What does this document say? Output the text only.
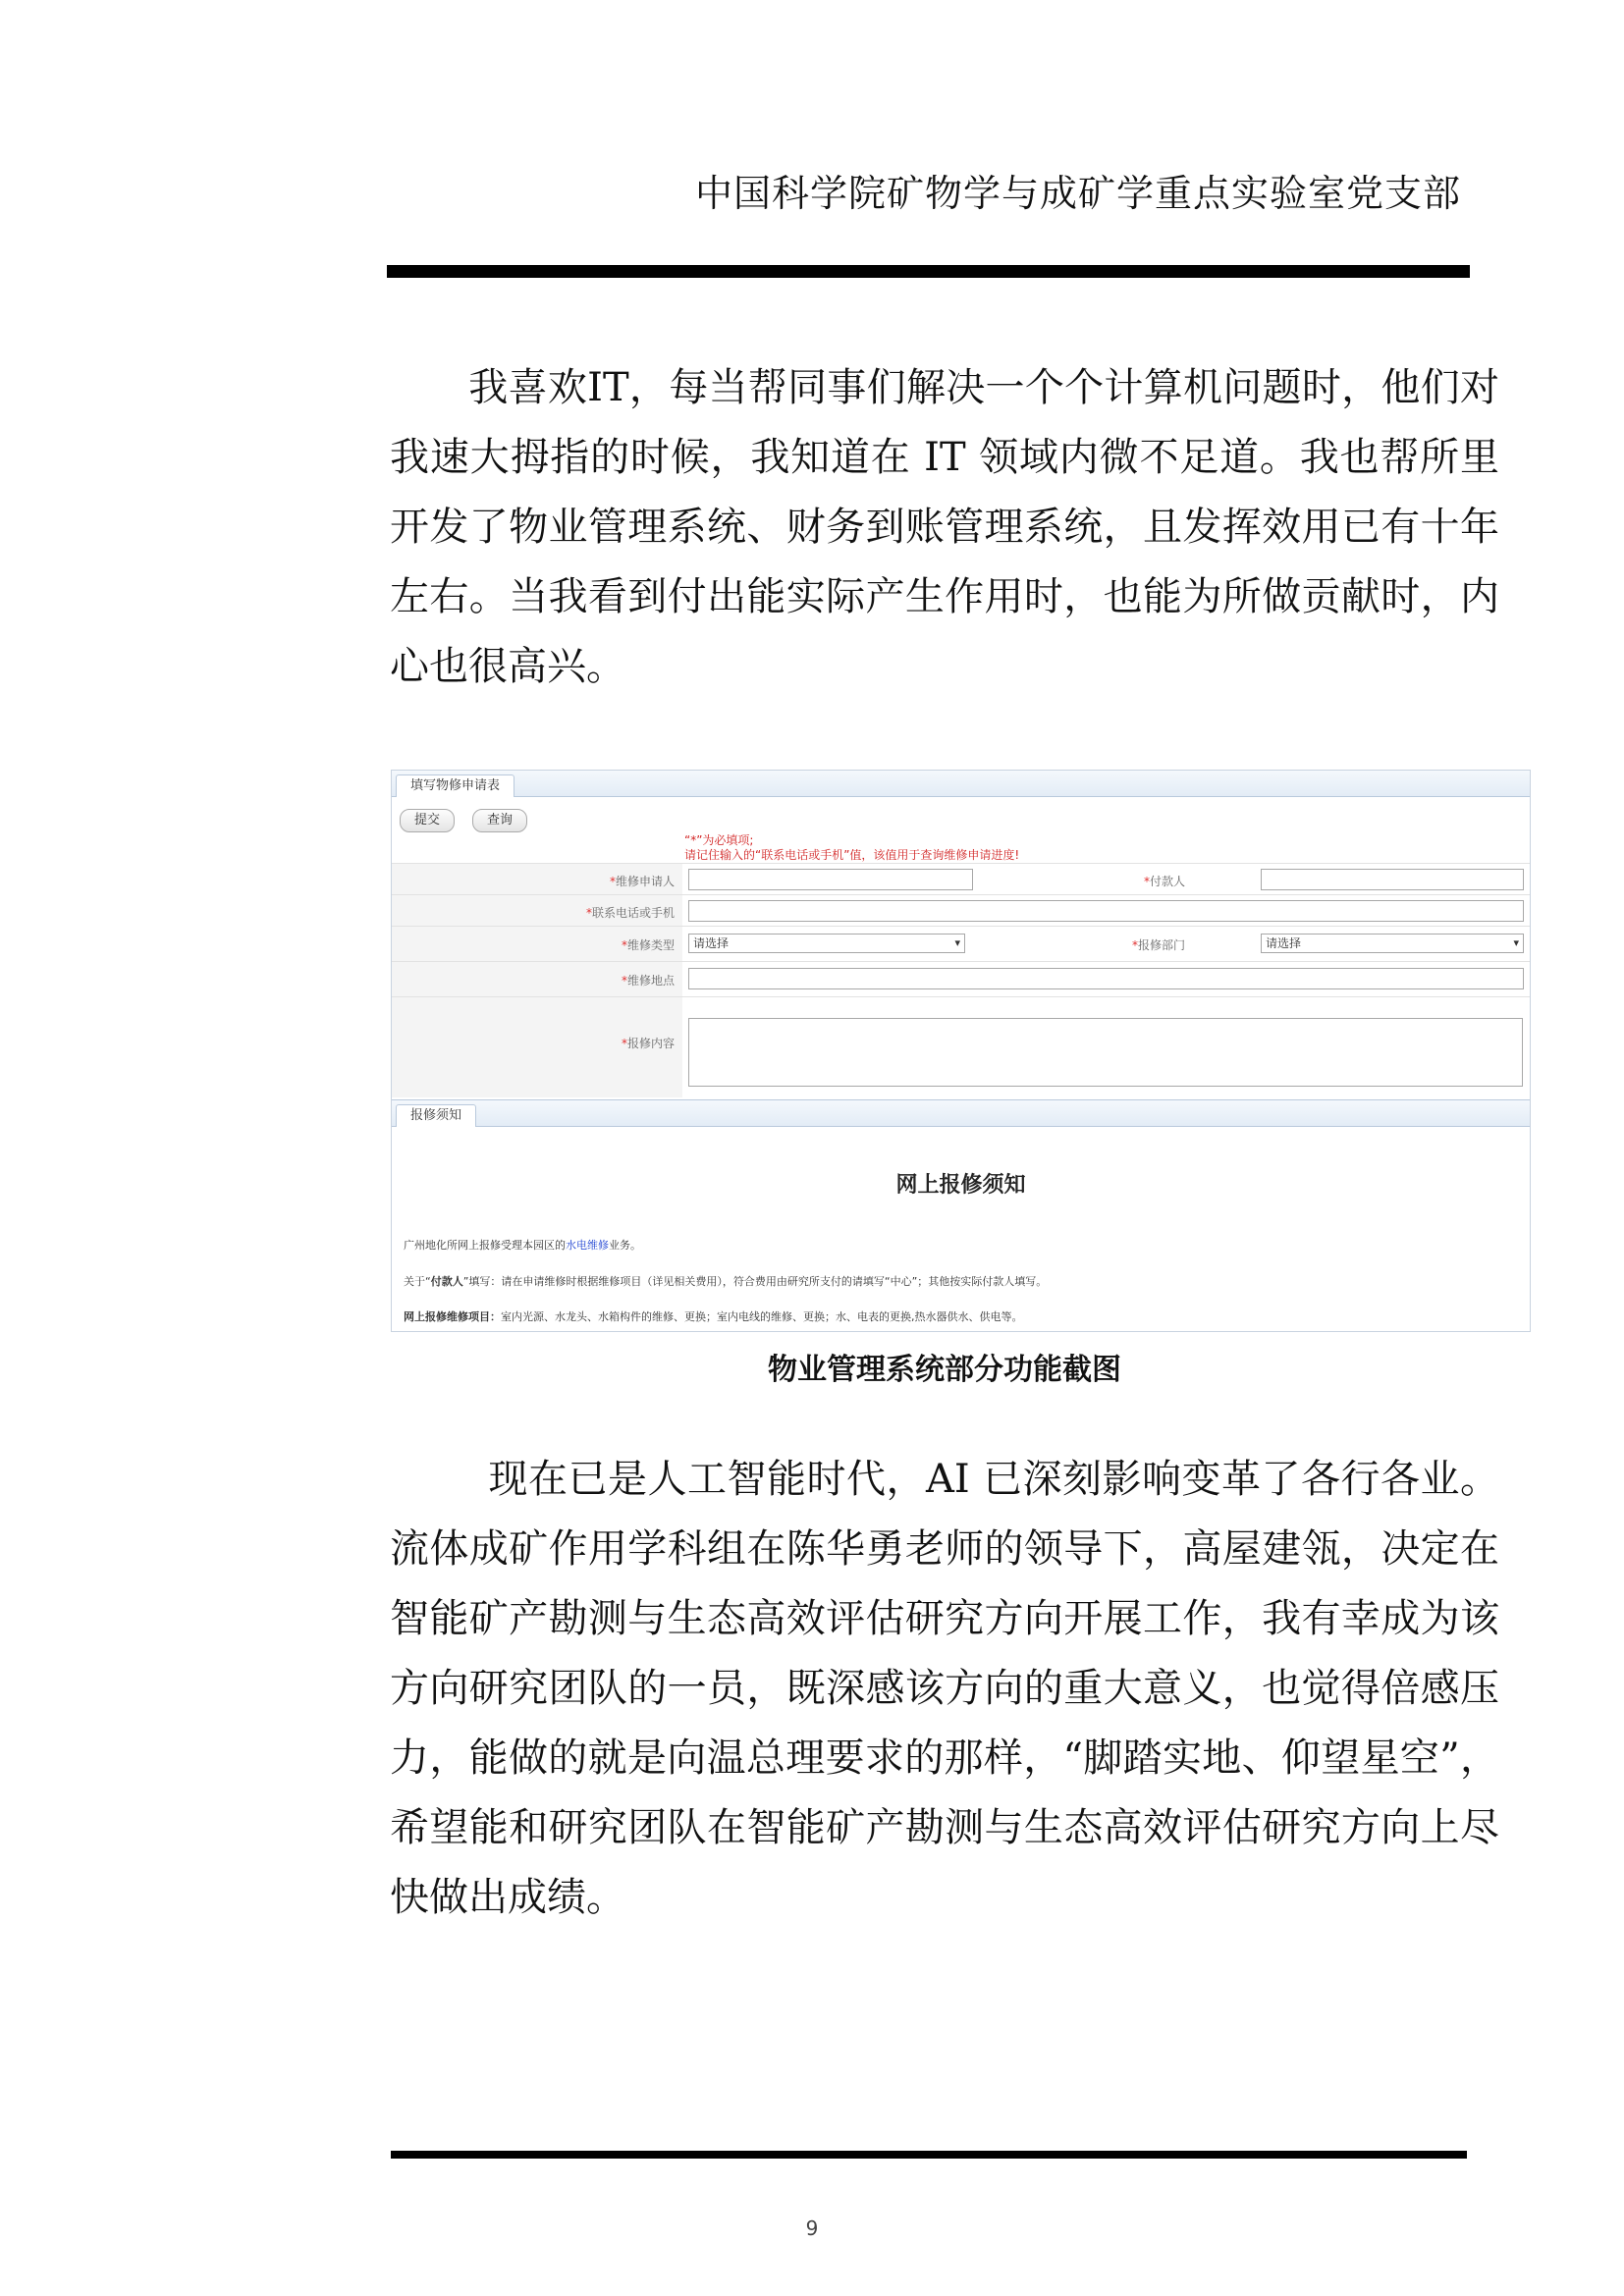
中国科学院矿物学与成矿学重点实验室党支部

我喜欢IT，每当帮同事们解决一个个计算机问题时，他们对我速大拇指的时候，我知道在 IT 领域内微不足道。我也帮所里开发了物业管理系统、财务到账管理系统，且发挥效用已有十年左右。当我看到付出能实际产生作用时，也能为所做贡献时，内心也很高兴。

填写物修申请表
提交	查询
“*”为必填项;
请记住输入的“联系电话或手机”值，该值用于查询维修申请进度!
*维修申请人	*付款人
*联系电话或手机
*维修类型	请选择	▾	*报修部门	请选择	▾
*维修地点
*报修内容
报修须知
网上报修须知
广州地化所网上报修受理本园区的水电维修业务。
关于“付款人”填写：请在申请维修时根据维修项目（详见相关费用），符合费用由研究所支付的请填写“中心”；其他按实际付款人填写。
网上报修维修项目：室内光源、水龙头、水箱构件的维修、更换；室内电线的维修、更换；水、电表的更换,热水器供水、供电等。
物业管理系统部分功能截图

现在已是人工智能时代，AI 已深刻影响变革了各行各业。流体成矿作用学科组在陈华勇老师的领导下，高屋建瓴，决定在智能矿产勘测与生态高效评估研究方向开展工作，我有幸成为该方向研究团队的一员，既深感该方向的重大意义，也觉得倍感压力，能做的就是向温总理要求的那样，“脚踏实地、仰望星空”，希望能和研究团队在智能矿产勘测与生态高效评估研究方向上尽快做出成绩。

9
